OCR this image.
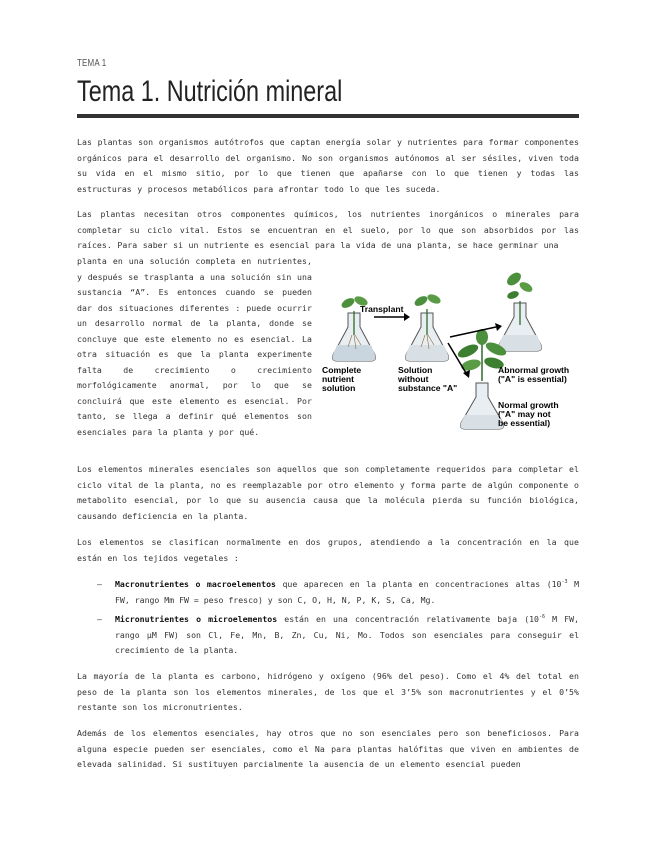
TEMA 1
Tema 1. Nutrición mineral

Las plantas son organismos autótrofos que captan energía solar y nutrientes para formar componentes orgánicos para el desarrollo del organismo. No son organismos autónomos al ser sésiles, viven toda su vida en el mismo sitio, por lo que tienen que apañarse con lo que tienen y todas las estructuras y procesos metabólicos para afrontar todo lo que les suceda.

Las plantas necesitan otros componentes químicos, los nutrientes inorgánicos o minerales para completar su ciclo vital. Estos se encuentran en el suelo, por lo que son absorbidos por las raíces. Para saber si un nutriente es esencial para la vida de una planta, se hace germinar una

planta en una solución completa en nutrientes, y después se trasplanta a una solución sin una sustancia “A”. Es entonces cuando se pueden dar dos situaciones diferentes : puede ocurrir un desarrollo normal de la planta, donde se concluye que este elemento no es esencial. La otra situación es que la planta experimente falta de crecimiento o crecimiento morfológicamente anormal, por lo que se concluirá que este elemento es esencial. Por tanto, se llega a definir qué elementos son esenciales para la planta y por qué.

Transplant
Complete
nutrient
solution
Solution
without
substance "A"
Abnormal growth
("A" is essential)
Normal growth
("A" may not
be essential)

Los elementos minerales esenciales son aquellos que son completamente requeridos para completar el ciclo vital de la planta, no es reemplazable por otro elemento y forma parte de algún componente o metabolito esencial, por lo que su ausencia causa que la molécula pierda su función biológica, causando deficiencia en la planta.

Los elementos se clasifican normalmente en dos grupos, atendiendo a la concentración en la que están en los tejidos vegetales :

– Macronutrientes o macroelementos que aparecen en la planta en concentraciones altas ($10^{-3}$ M FW, rango Mm FW = peso fresco) y son C, O, H, N, P, K, S, Ca, Mg.
– Micronutrientes o microelementos están en una concentración relativamente baja ($10^{-6}$ M FW, rango µM FW) son Cl, Fe, Mn, B, Zn, Cu, Ni, Mo. Todos son esenciales para conseguir el crecimiento de la planta.

La mayoría de la planta es carbono, hidrógeno y oxígeno (96% del peso). Como el 4% del total en peso de la planta son los elementos minerales, de los que el 3’5% son macronutrientes y el 0’5% restante son los micronutrientes.

Además de los elementos esenciales, hay otros que no son esenciales pero son beneficiosos. Para alguna especie pueden ser esenciales, como el Na para plantas halófitas que viven en ambientes de elevada salinidad. Si sustituyen parcialmente la ausencia de un elemento esencial pueden
